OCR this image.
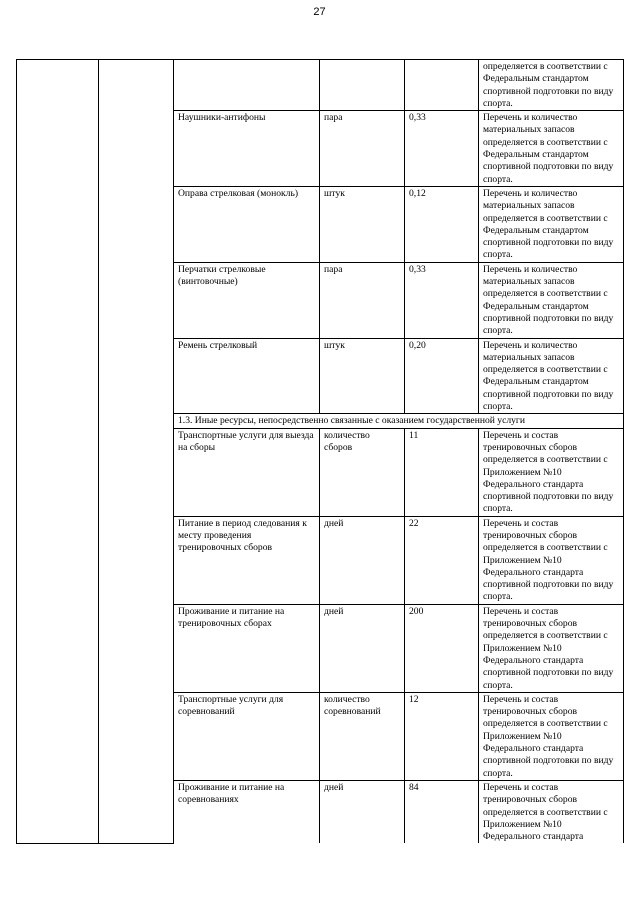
27
					определяется в соответствии с Федеральным стандартом спортивной подготовки по виду спорта.
		Наушники-антифоны	пара	0,33	Перечень и количество материальных запасов определяется в соответствии с Федеральным стандартом спортивной подготовки по виду спорта.
		Оправа стрелковая (монокль)	штук	0,12	Перечень и количество материальных запасов определяется в соответствии с Федеральным стандартом спортивной подготовки по виду спорта.
		Перчатки стрелковые (винтовочные)	пара	0,33	Перечень и количество материальных запасов определяется в соответствии с Федеральным стандартом спортивной подготовки по виду спорта.
		Ремень стрелковый	штук	0,20	Перечень и количество материальных запасов определяется в соответствии с Федеральным стандартом спортивной подготовки по виду спорта.
		1.3. Иные ресурсы, непосредственно связанные с оказанием государственной услуги			
		Транспортные услуги для выезда на сборы	количество сборов	11	Перечень и состав тренировочных сборов определяется в соответствии с Приложением №10 Федерального стандарта спортивной подготовки по виду спорта.
		Питание в период следования к месту проведения тренировочных сборов	дней	22	Перечень и состав тренировочных сборов определяется в соответствии с Приложением №10 Федерального стандарта спортивной подготовки по виду спорта.
		Проживание и питание на тренировочных сборах	дней	200	Перечень и состав тренировочных сборов определяется в соответствии с Приложением №10 Федерального стандарта спортивной подготовки по виду спорта.
		Транспортные услуги для соревнований	количество соревнований	12	Перечень и состав тренировочных сборов определяется в соответствии с Приложением №10 Федерального стандарта спортивной подготовки по виду спорта.
		Проживание и питание на соревнованиях	дней	84	Перечень и состав тренировочных сборов определяется в соответствии с Приложением №10 Федерального стандарта
